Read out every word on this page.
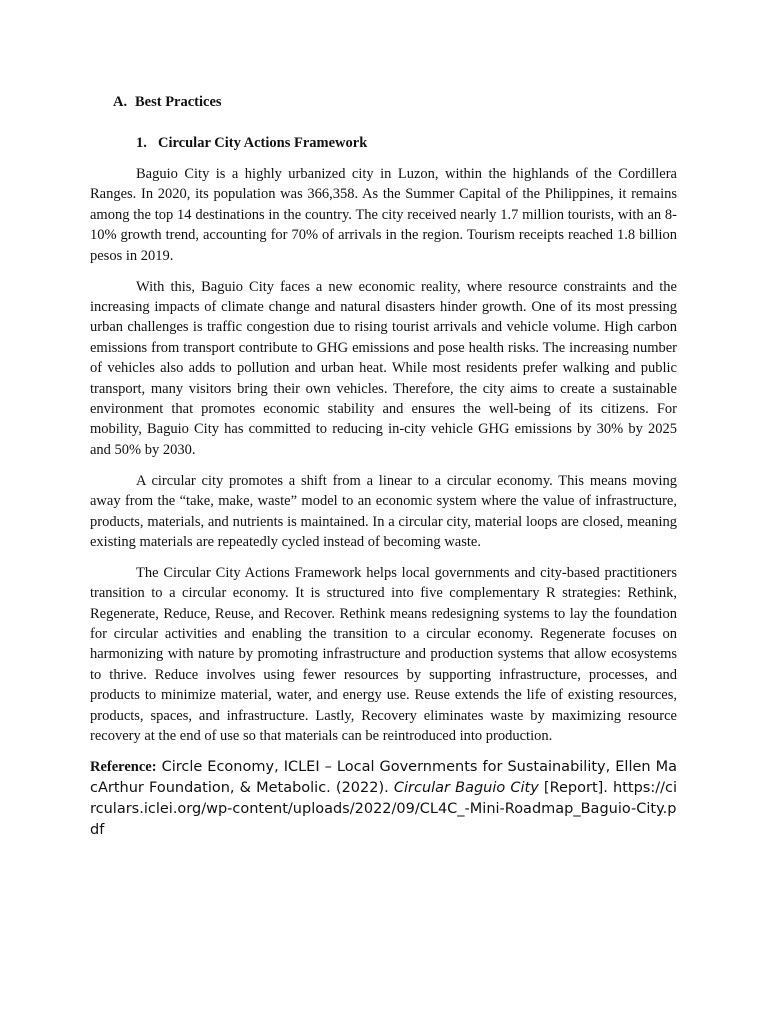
A. Best Practices
1. Circular City Actions Framework

Baguio City is a highly urbanized city in Luzon, within the highlands of the Cordillera Ranges. In 2020, its population was 366,358. As the Summer Capital of the Philippines, it remains among the top 14 destinations in the country. The city received nearly 1.7 million tourists, with an 8-10% growth trend, accounting for 70% of arrivals in the region. Tourism receipts reached 1.8 billion pesos in 2019.

With this, Baguio City faces a new economic reality, where resource constraints and the increasing impacts of climate change and natural disasters hinder growth. One of its most pressing urban challenges is traffic congestion due to rising tourist arrivals and vehicle volume. High carbon emissions from transport contribute to GHG emissions and pose health risks. The increasing number of vehicles also adds to pollution and urban heat. While most residents prefer walking and public transport, many visitors bring their own vehicles. Therefore, the city aims to create a sustainable environment that promotes economic stability and ensures the well-being of its citizens. For mobility, Baguio City has committed to reducing in-city vehicle GHG emissions by 30% by 2025 and 50% by 2030.

A circular city promotes a shift from a linear to a circular economy. This means moving away from the “take, make, waste” model to an economic system where the value of infrastructure, products, materials, and nutrients is maintained. In a circular city, material loops are closed, meaning existing materials are repeatedly cycled instead of becoming waste.

The Circular City Actions Framework helps local governments and city-based practitioners transition to a circular economy. It is structured into five complementary R strategies: Rethink, Regenerate, Reduce, Reuse, and Recover. Rethink means redesigning systems to lay the foundation for circular activities and enabling the transition to a circular economy. Regenerate focuses on harmonizing with nature by promoting infrastructure and production systems that allow ecosystems to thrive. Reduce involves using fewer resources by supporting infrastructure, processes, and products to minimize material, water, and energy use. Reuse extends the life of existing resources, products, spaces, and infrastructure. Lastly, Recovery eliminates waste by maximizing resource recovery at the end of use so that materials can be reintroduced into production.

Reference: Circle Economy, ICLEI – Local Governments for Sustainability, Ellen MacArthur Foundation, & Metabolic. (2022). Circular Baguio City [Report]. https://circulars.iclei.org/wp-content/uploads/2022/09/CL4C_-Mini-Roadmap_Baguio-City.pdf
